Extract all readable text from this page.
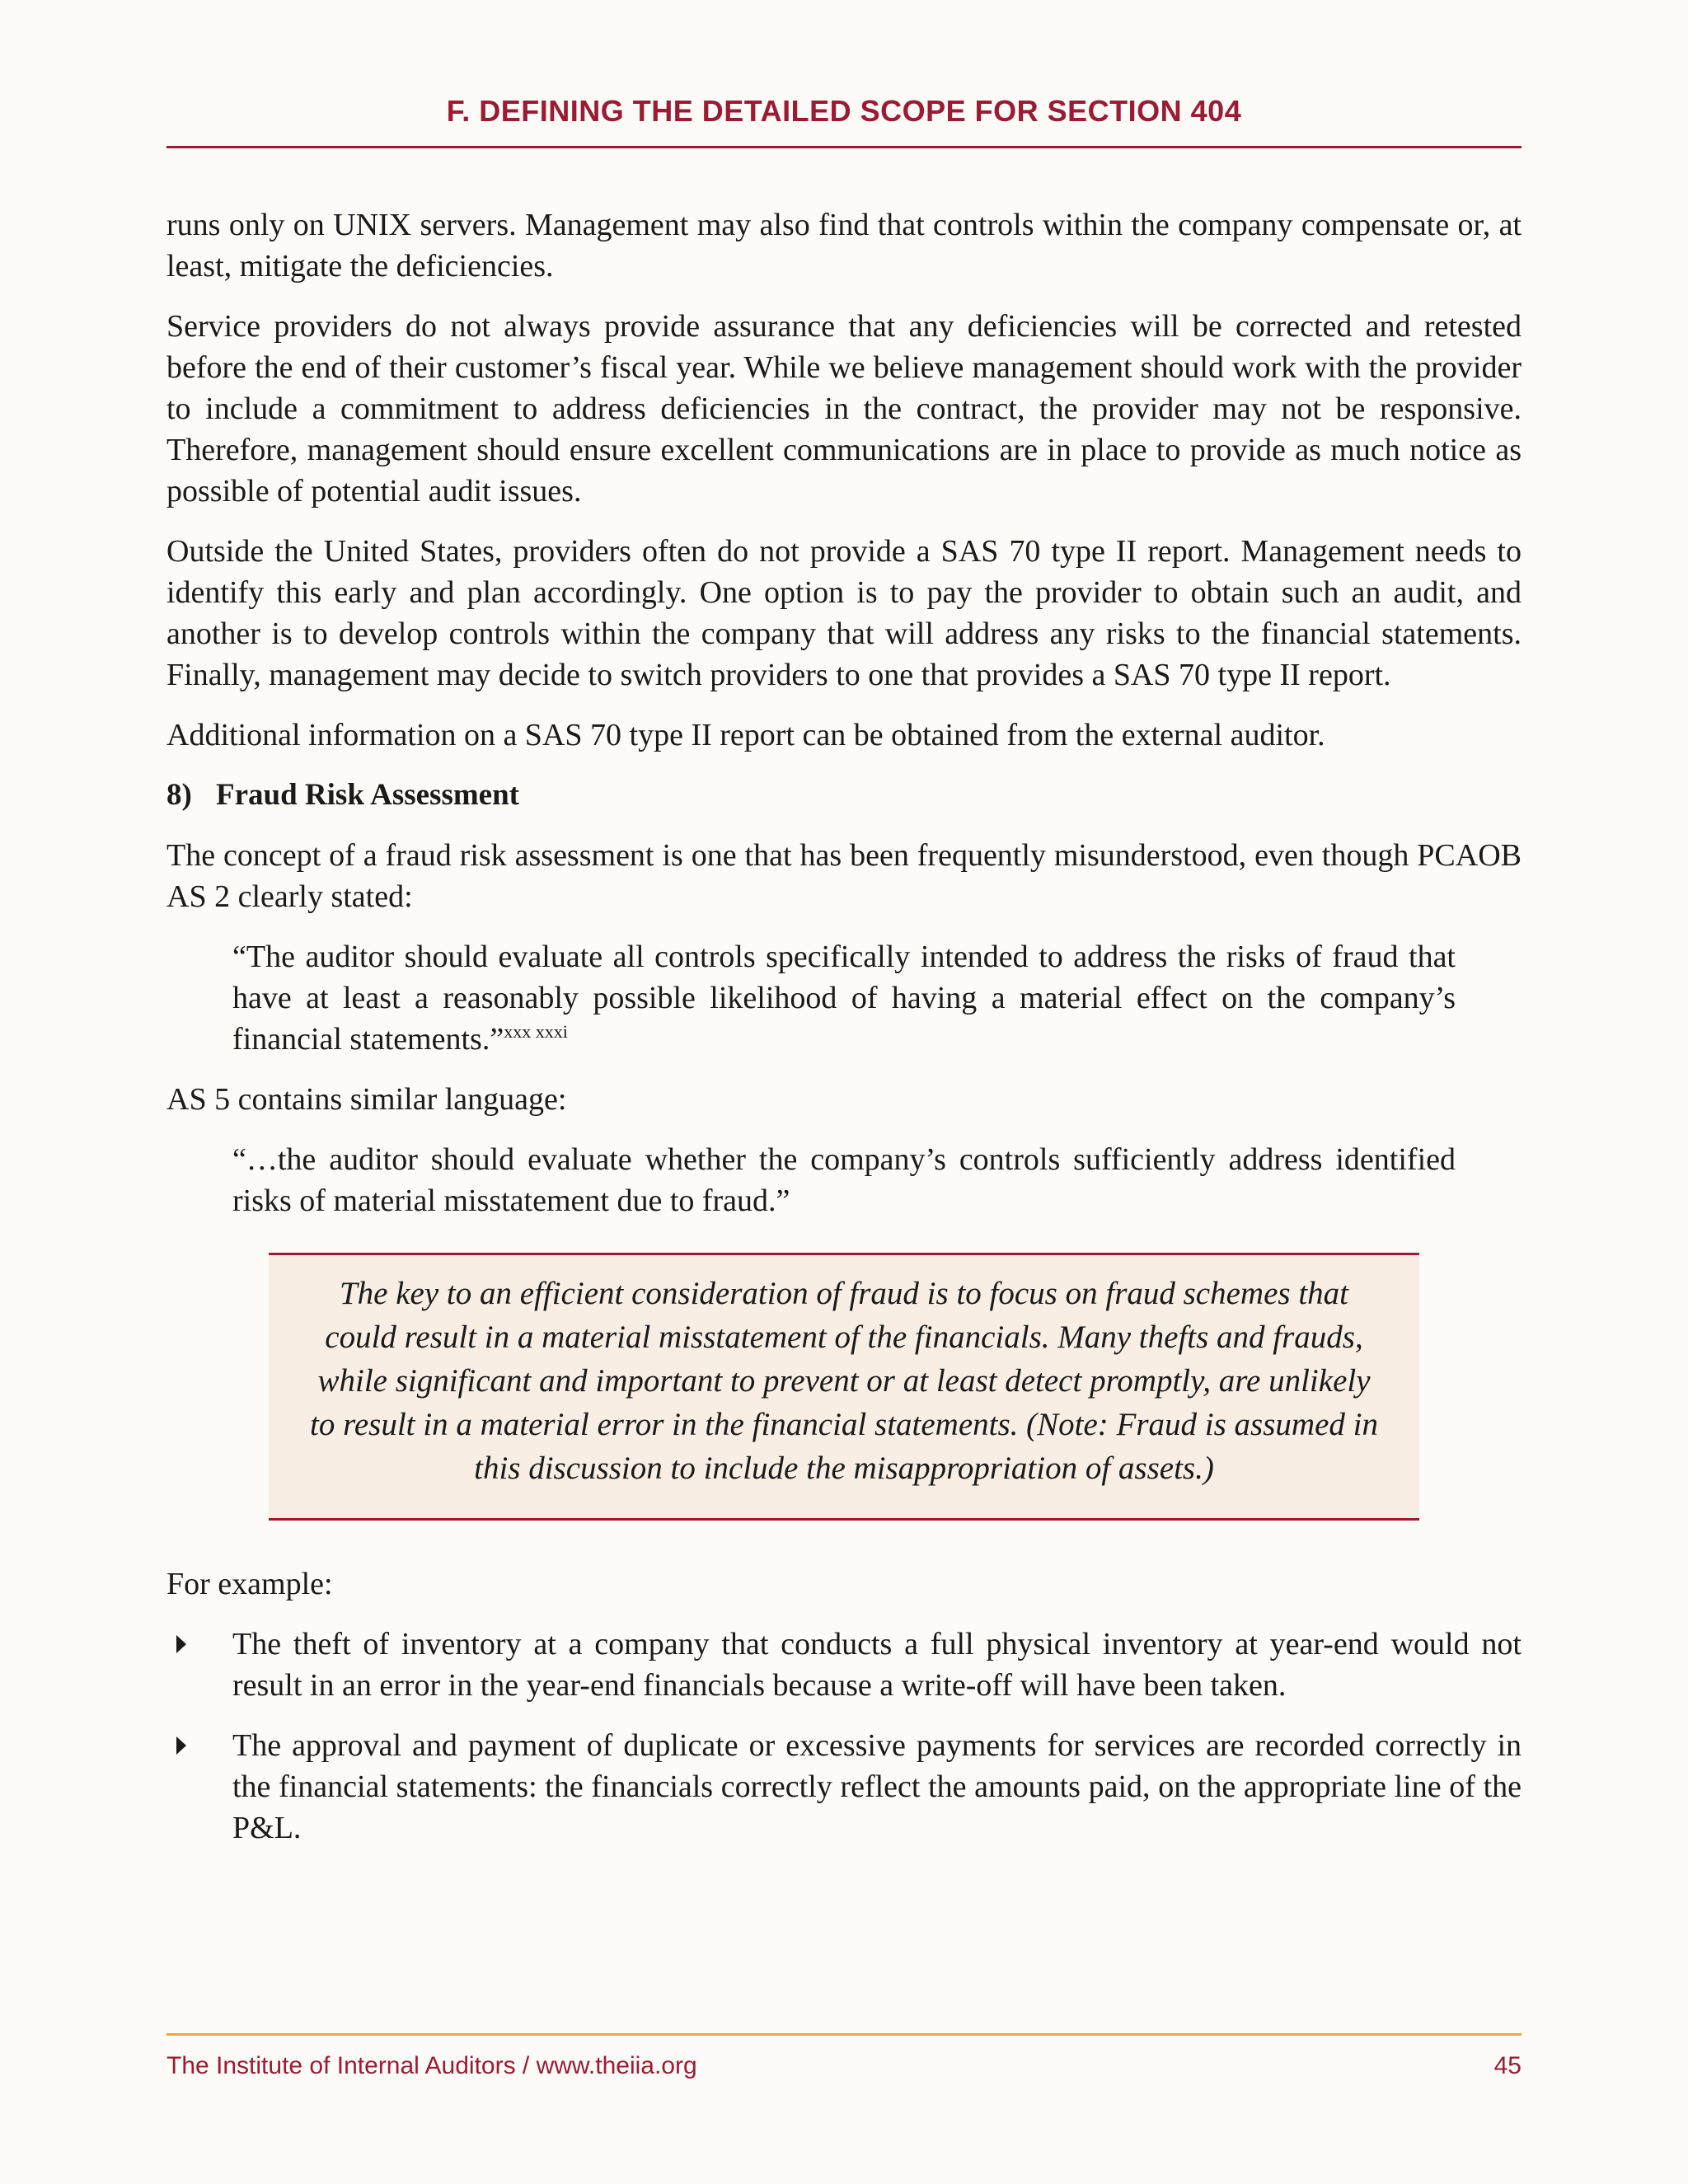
F. DEFINING THE DETAILED SCOPE FOR SECTION 404

runs only on UNIX servers. Management may also find that controls within the company compensate or, at least, mitigate the deficiencies.

Service providers do not always provide assurance that any deficiencies will be corrected and retested before the end of their customer’s fiscal year. While we believe management should work with the provider to include a commitment to address deficiencies in the contract, the provider may not be responsive. Therefore, management should ensure excellent communications are in place to provide as much notice as possible of potential audit issues.

Outside the United States, providers often do not provide a SAS 70 type II report. Management needs to identify this early and plan accordingly. One option is to pay the provider to obtain such an audit, and another is to develop controls within the company that will address any risks to the financial statements. Finally, management may decide to switch providers to one that provides a SAS 70 type II report.

Additional information on a SAS 70 type II report can be obtained from the external auditor.

8) Fraud Risk Assessment

The concept of a fraud risk assessment is one that has been frequently misunderstood, even though PCAOB AS 2 clearly stated:

“The auditor should evaluate all controls specifically intended to address the risks of fraud that have at least a reasonably possible likelihood of having a material effect on the company’s financial statements.”$^{xxx xxxi}$

AS 5 contains similar language:

“…the auditor should evaluate whether the company’s controls sufficiently address identified risks of material misstatement due to fraud.”

The key to an efficient consideration of fraud is to focus on fraud schemes that could result in a material misstatement of the financials. Many thefts and frauds, while significant and important to prevent or at least detect promptly, are unlikely to result in a material error in the financial statements. (Note: Fraud is assumed in this discussion to include the misappropriation of assets.)

For example:

The theft of inventory at a company that conducts a full physical inventory at year-end would not result in an error in the year-end financials because a write-off will have been taken.
The approval and payment of duplicate or excessive payments for services are recorded correctly in the financial statements: the financials correctly reflect the amounts paid, on the appropriate line of the P&L.
The Institute of Internal Auditors / www.theiia.org	45
